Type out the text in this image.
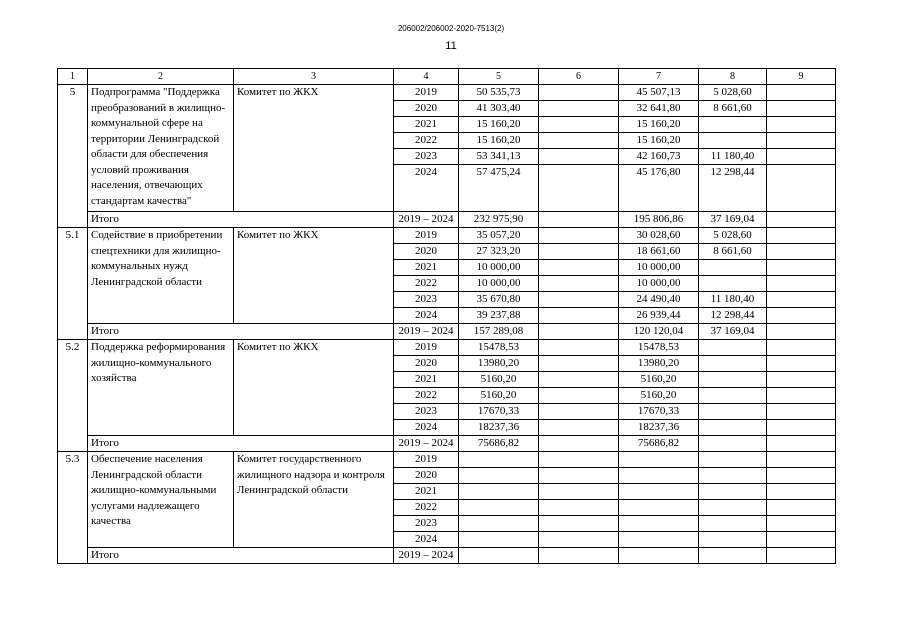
206002/206002-2020-7513(2)
11
1	2	3	4	5	6	7	8	9
5	Подпрограмма "Поддержка преобразований в жилищно-коммунальной сфере на территории Ленинградской области для обеспечения условий проживания населения, отвечающих стандартам качества"	Комитет по ЖКХ	2019	50 535,73		45 507,13	5 028,60	
			2020	41 303,40		32 641,80	8 661,60	
			2021	15 160,20		15 160,20		
			2022	15 160,20		15 160,20		
			2023	53 341,13		42 160,73	11 180,40	
			2024	57 475,24		45 176,80	12 298,44	
	Итого		2019 – 2024	232 975,90		195 806,86	37 169,04	
5.1	Содействие в приобретении спецтехники для жилищно-коммунальных нужд Ленинградской области	Комитет по ЖКХ	2019	35 057,20		30 028,60	5 028,60	
			2020	27 323,20		18 661,60	8 661,60	
			2021	10 000,00		10 000,00		
			2022	10 000,00		10 000,00		
			2023	35 670,80		24 490,40	11 180,40	
			2024	39 237,88		26 939,44	12 298,44	
	Итого		2019 – 2024	157 289,08		120 120,04	37 169,04	
5.2	Поддержка реформирования жилищно-коммунального хозяйства	Комитет по ЖКХ	2019	15478,53		15478,53		
			2020	13980,20		13980,20		
			2021	5160,20		5160,20		
			2022	5160,20		5160,20		
			2023	17670,33		17670,33		
			2024	18237,36		18237,36		
	Итого		2019 – 2024	75686,82		75686,82		
5.3	Обеспечение населения Ленинградской области жилищно-коммунальными услугами надлежащего качества	Комитет государственного жилищного надзора и контроля Ленинградской области	2019					
			2020					
			2021					
			2022					
			2023					
			2024					
	Итого		2019 – 2024					
